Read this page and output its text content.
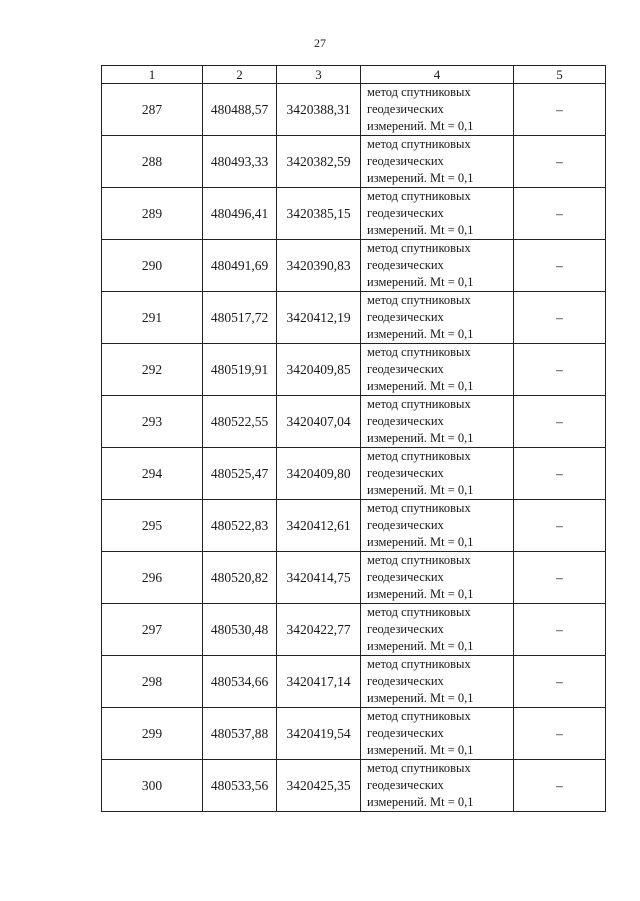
27
1	2	3	4	5
287	480488,57	3420388,31	метод спутниковых
геодезических
измерений. Mt = 0,1	–
288	480493,33	3420382,59	метод спутниковых
геодезических
измерений. Mt = 0,1	–
289	480496,41	3420385,15	метод спутниковых
геодезических
измерений. Mt = 0,1	–
290	480491,69	3420390,83	метод спутниковых
геодезических
измерений. Mt = 0,1	–
291	480517,72	3420412,19	метод спутниковых
геодезических
измерений. Mt = 0,1	–
292	480519,91	3420409,85	метод спутниковых
геодезических
измерений. Mt = 0,1	–
293	480522,55	3420407,04	метод спутниковых
геодезических
измерений. Mt = 0,1	–
294	480525,47	3420409,80	метод спутниковых
геодезических
измерений. Mt = 0,1	–
295	480522,83	3420412,61	метод спутниковых
геодезических
измерений. Mt = 0,1	–
296	480520,82	3420414,75	метод спутниковых
геодезических
измерений. Mt = 0,1	–
297	480530,48	3420422,77	метод спутниковых
геодезических
измерений. Mt = 0,1	–
298	480534,66	3420417,14	метод спутниковых
геодезических
измерений. Mt = 0,1	–
299	480537,88	3420419,54	метод спутниковых
геодезических
измерений. Mt = 0,1	–
300	480533,56	3420425,35	метод спутниковых
геодезических
измерений. Mt = 0,1	–
